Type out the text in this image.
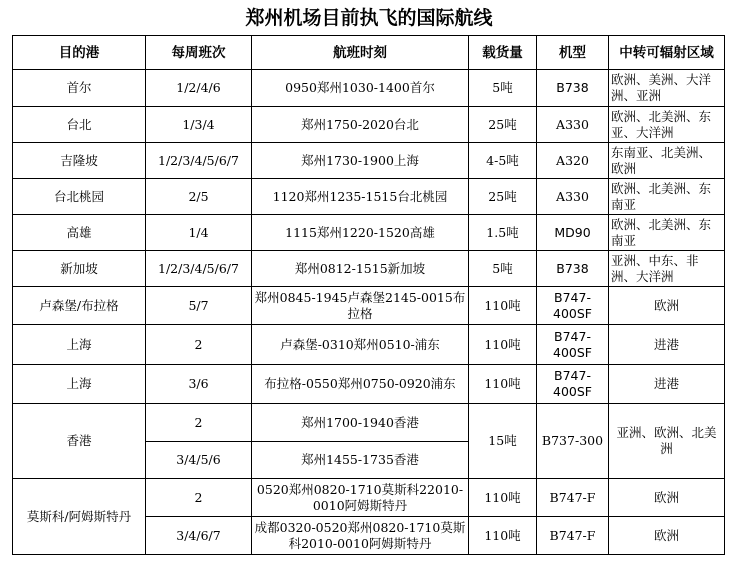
郑州机场目前执飞的国际航线
目的港	每周班次	航班时刻	载货量	机型	中转可辐射区域
首尔	1/2/4/6	0950郑州1030-1400首尔	5吨	B738	欧洲、美洲、大洋洲、亚洲
台北	1/3/4	郑州1750-2020台北	25吨	A330	欧洲、北美洲、东亚、大洋洲
吉隆坡	1/2/3/4/5/6/7	郑州1730-1900上海	4-5吨	A320	东南亚、北美洲、欧洲
台北桃园	2/5	1120郑州1235-1515台北桃园	25吨	A330	欧洲、北美洲、东南亚
高雄	1/4	1115郑州1220-1520高雄	1.5吨	MD90	欧洲、北美洲、东南亚
新加坡	1/2/3/4/5/6/7	郑州0812-1515新加坡	5吨	B738	亚洲、中东、非洲、大洋洲
卢森堡/布拉格	5/7	郑州0845-1945卢森堡2145-0015布拉格	110吨	B747-400SF	欧洲
上海	2	卢森堡-0310郑州0510-浦东	110吨	B747-400SF	进港
上海	3/6	布拉格-0550郑州0750-0920浦东	110吨	B747-400SF	进港
香港	2	郑州1700-1940香港	15吨	B737-300	亚洲、欧洲、北美洲
	3/4/5/6	郑州1455-1735香港			
莫斯科/阿姆斯特丹	2	0520郑州0820-1710莫斯科22010-0010阿姆斯特丹	110吨	B747-F	欧洲
	3/4/6/7	成都0320-0520郑州0820-1710莫斯科2010-0010阿姆斯特丹	110吨	B747-F	欧洲
